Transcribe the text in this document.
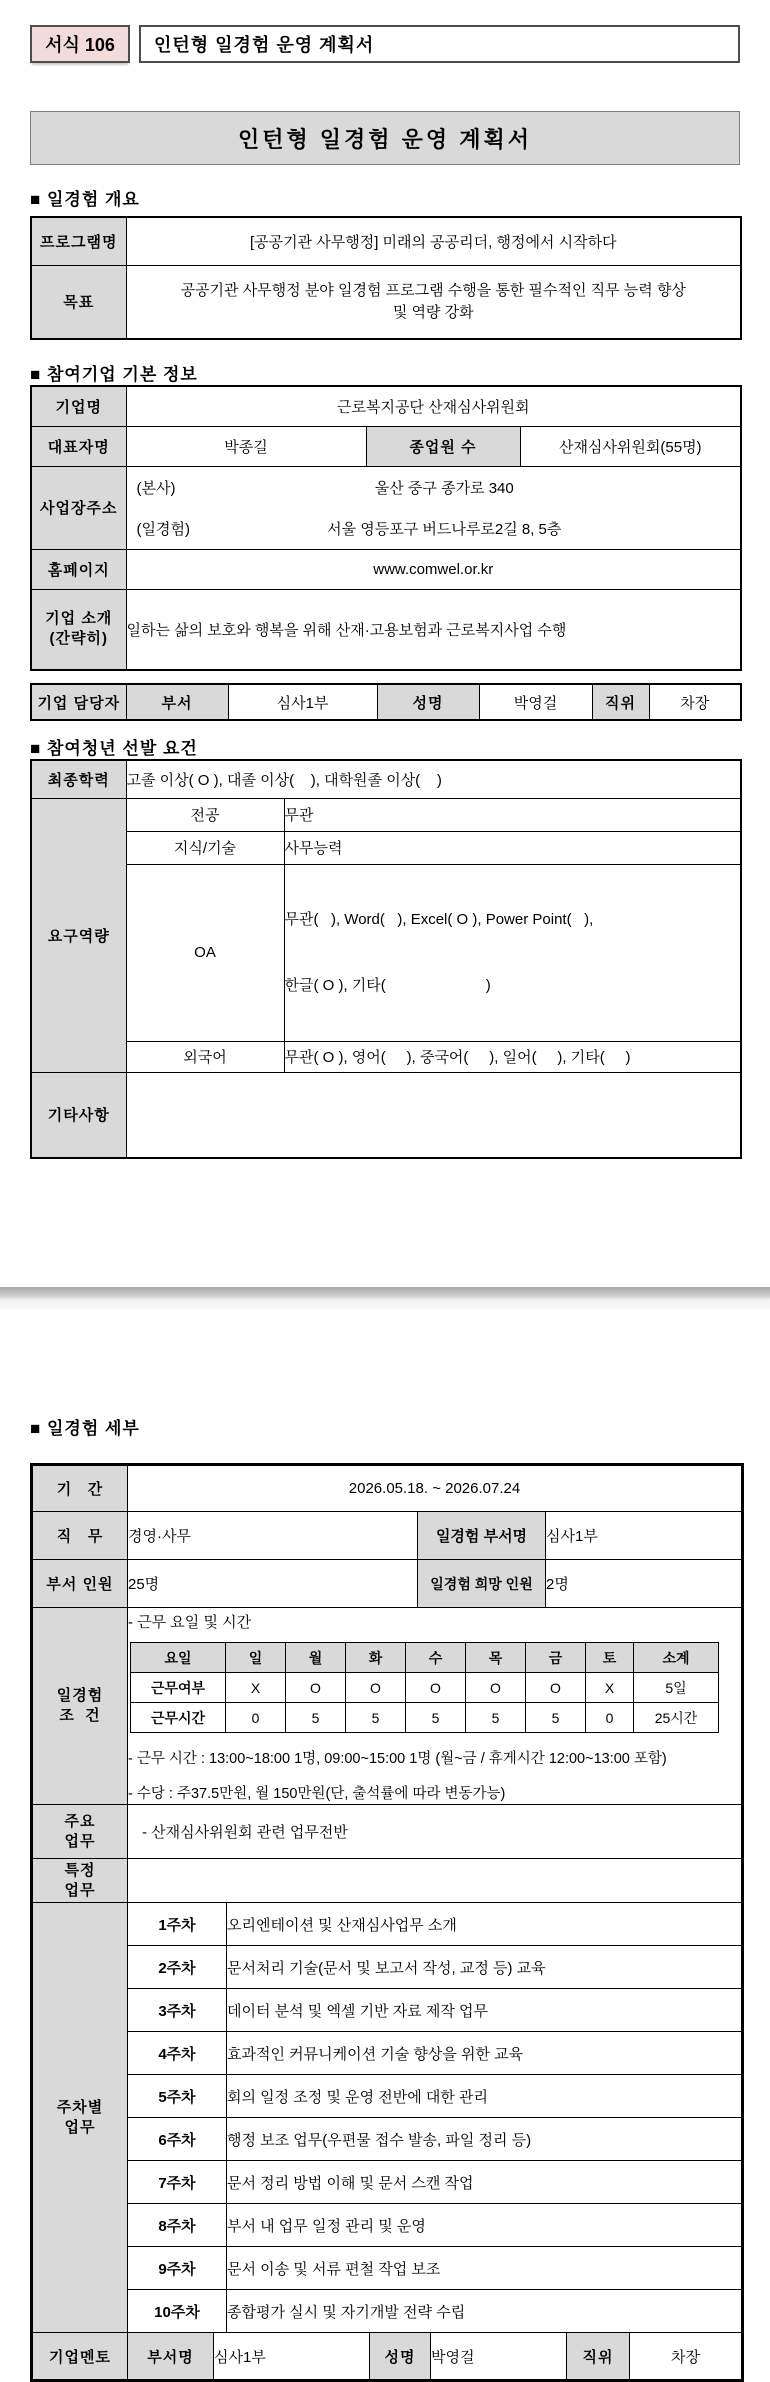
서식 106	인턴형 일경험 운영 계획서
인턴형 일경험 운영 계획서
■ 일경험 개요
프로그램명	[공공기관 사무행정] 미래의 공공리더, 행정에서 시작하다
목표	공공기관 사무행정 분야 일경험 프로그램 수행을 통한 필수적인 직무 능력 향상 및 역량 강화
■ 참여기업 기본 정보
기업명	근로복지공단 산재심사위원회		
대표자명	박종길	종업원 수	산재심사위원회(55명)
사업장주소	(본사) 울산 중구 종가로 340
(일경험) 서울 영등포구 버드나루로2길 8, 5층		

홈페이지	www.comwel.or.kr		

기업 소개
(간략히)	일하는 삶의 보호와 행복을 위해 산재·고용보험과 근로복지사업 수행		
기업 담당자	부서	심사1부	성명	박영걸	직위	차장
■ 참여청년 선발 요건
최종학력	고졸 이상( O ), 대졸 이상(    ), 대학원졸 이상(    )	
요구역량	전공	무관
	지식/기술	사무능력
	OA	무관(   ), Word(   ), Excel( O ), Power Point(   ),

한글( O ), 기타(                        )

	외국어	무관( O ), 영어(     ), 중국어(     ), 일어(     ), 기타(     )
기타사항		
■ 일경험 세부
기   간	2026.05.18. ~ 2026.07.24
직   무	경영·사무	일경험 부서명	심사1부
부서 인원	25명	일경험 희망 인원	2명
일경험
조  건

- 근무 요일 및 시간
요일	일	월	화	수	목	금	토	소계
근무여부	X	O	O	O	O	O	X	5일
근무시간	0	5	5	5	5	5	0	25시간
- 근무 시간 : 13:00~18:00 1명, 09:00~15:00 1명 (월~금 / 휴게시간 12:00~13:00 포함)
- 수당 : 주37.5만원, 월 150만원(단, 출석률에 따라 변동가능)
주요
업무	- 산재심사위원회 관련 업무전반
특정
업무

주차별
업무	1주차	오리엔테이션 및 산재심사업무 소개
	2주차	문서처리 기술(문서 및 보고서 작성, 교정 등) 교육
	3주차	데이터 분석 및 엑셀 기반 자료 제작 업무
	4주차	효과적인 커뮤니케이션 기술 향상을 위한 교육
	5주차	회의 일정 조정 및 운영 전반에 대한 관리
	6주차	행정 보조 업무(우편물 접수 발송, 파일 정리 등)
	7주차	문서 정리 방법 이해 및 문서 스캔 작업
	8주차	부서 내 업무 일정 관리 및 운영
	9주차	문서 이송 및 서류 편철 작업 보조
	10주차	종합평가 실시 및 자기개발 전략 수립
기업멘토	부서명	심사1부	성명	박영걸	직위	차장
